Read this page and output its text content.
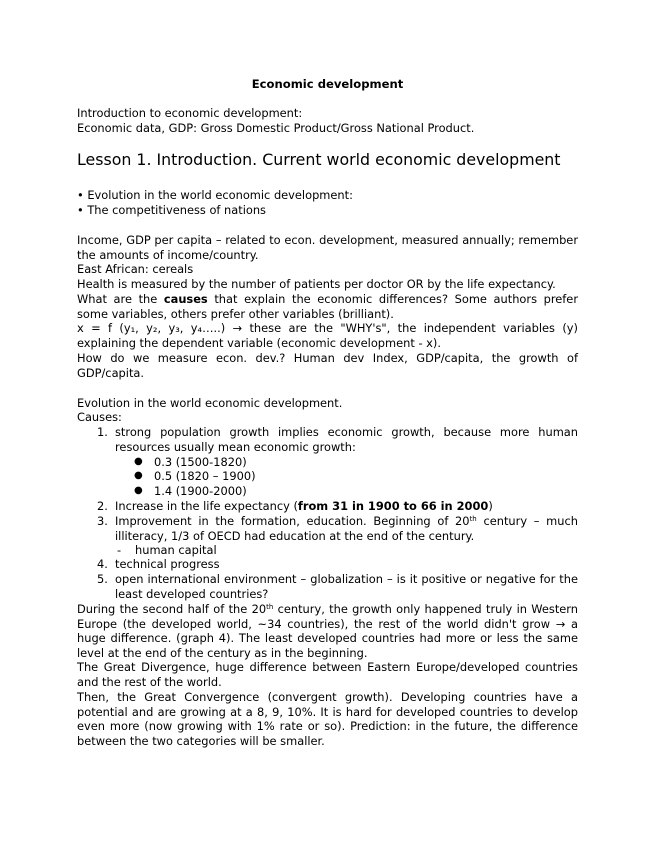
Economic development
Introduction to economic development:
Economic data, GDP: Gross Domestic Product/Gross National Product.
Lesson 1. Introduction. Current world economic development
• Evolution in the world economic development:
• The competitiveness of nations
Income, GDP per capita – related to econ. development, measured annually; remember the amounts of income/country.
East African: cereals
Health is measured by the number of patients per doctor OR by the life expectancy.
What are the causes that explain the economic differences? Some authors prefer some variables, others prefer other variables (brilliant).
x = f (y₁, y₂, y₃, y₄…..) → these are the "WHY's", the independent variables (y) explaining the dependent variable (economic development - x).
How do we measure econ. dev.? Human dev Index, GDP/capita, the growth of GDP/capita.
Evolution in the world economic development.
Causes:
1. strong population growth implies economic growth, because more human resources usually mean economic growth:
● 0.3 (1500-1820)
● 0.5 (1820 – 1900)
● 1.4 (1900-2000)
2. Increase in the life expectancy (from 31 in 1900 to 66 in 2000)
3. Improvement in the formation, education. Beginning of 20th century – much illiteracy, 1/3 of OECD had education at the end of the century.
- human capital
4. technical progress
5. open international environment – globalization – is it positive or negative for the least developed countries?
During the second half of the 20th century, the growth only happened truly in Western Europe (the developed world, ~34 countries), the rest of the world didn't grow → a huge difference. (graph 4). The least developed countries had more or less the same level at the end of the century as in the beginning.
The Great Divergence, huge difference between Eastern Europe/developed countries and the rest of the world.
Then, the Great Convergence (convergent growth). Developing countries have a potential and are growing at a 8, 9, 10%. It is hard for developed countries to develop even more (now growing with 1% rate or so). Prediction: in the future, the difference between the two categories will be smaller.
